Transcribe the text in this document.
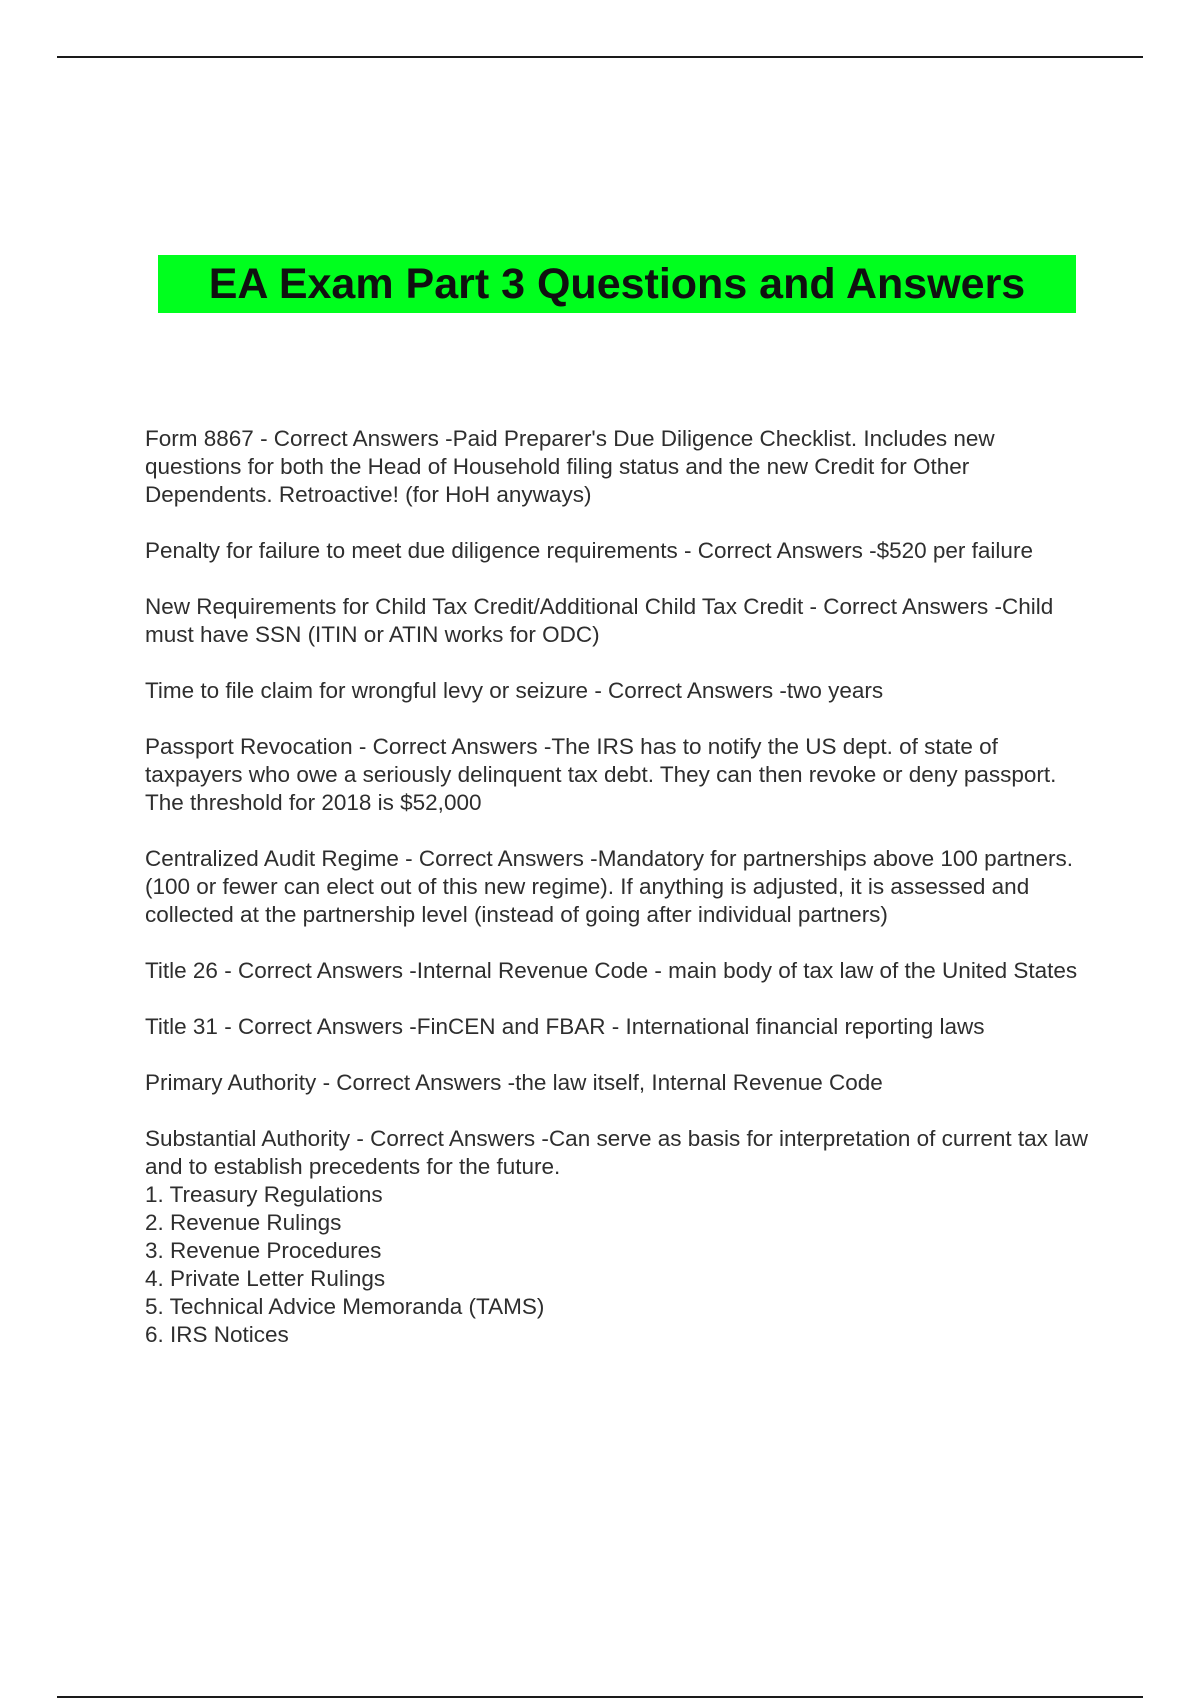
EA Exam Part 3 Questions and Answers

Form 8867 - Correct Answers -Paid Preparer's Due Diligence Checklist. Includes new questions for both the Head of Household filing status and the new Credit for Other Dependents. Retroactive! (for HoH anyways)

Penalty for failure to meet due diligence requirements - Correct Answers -$520 per failure

New Requirements for Child Tax Credit/Additional Child Tax Credit - Correct Answers -Child must have SSN (ITIN or ATIN works for ODC)

Time to file claim for wrongful levy or seizure - Correct Answers -two years

Passport Revocation - Correct Answers -The IRS has to notify the US dept. of state of taxpayers who owe a seriously delinquent tax debt. They can then revoke or deny passport. The threshold for 2018 is $52,000

Centralized Audit Regime - Correct Answers -Mandatory for partnerships above 100 partners. (100 or fewer can elect out of this new regime). If anything is adjusted, it is assessed and collected at the partnership level (instead of going after individual partners)

Title 26 - Correct Answers -Internal Revenue Code - main body of tax law of the United States

Title 31 - Correct Answers -FinCEN and FBAR - International financial reporting laws

Primary Authority - Correct Answers -the law itself, Internal Revenue Code

Substantial Authority - Correct Answers -Can serve as basis for interpretation of current tax law and to establish precedents for the future.
1. Treasury Regulations
2. Revenue Rulings
3. Revenue Procedures
4. Private Letter Rulings
5. Technical Advice Memoranda (TAMS)
6. IRS Notices
